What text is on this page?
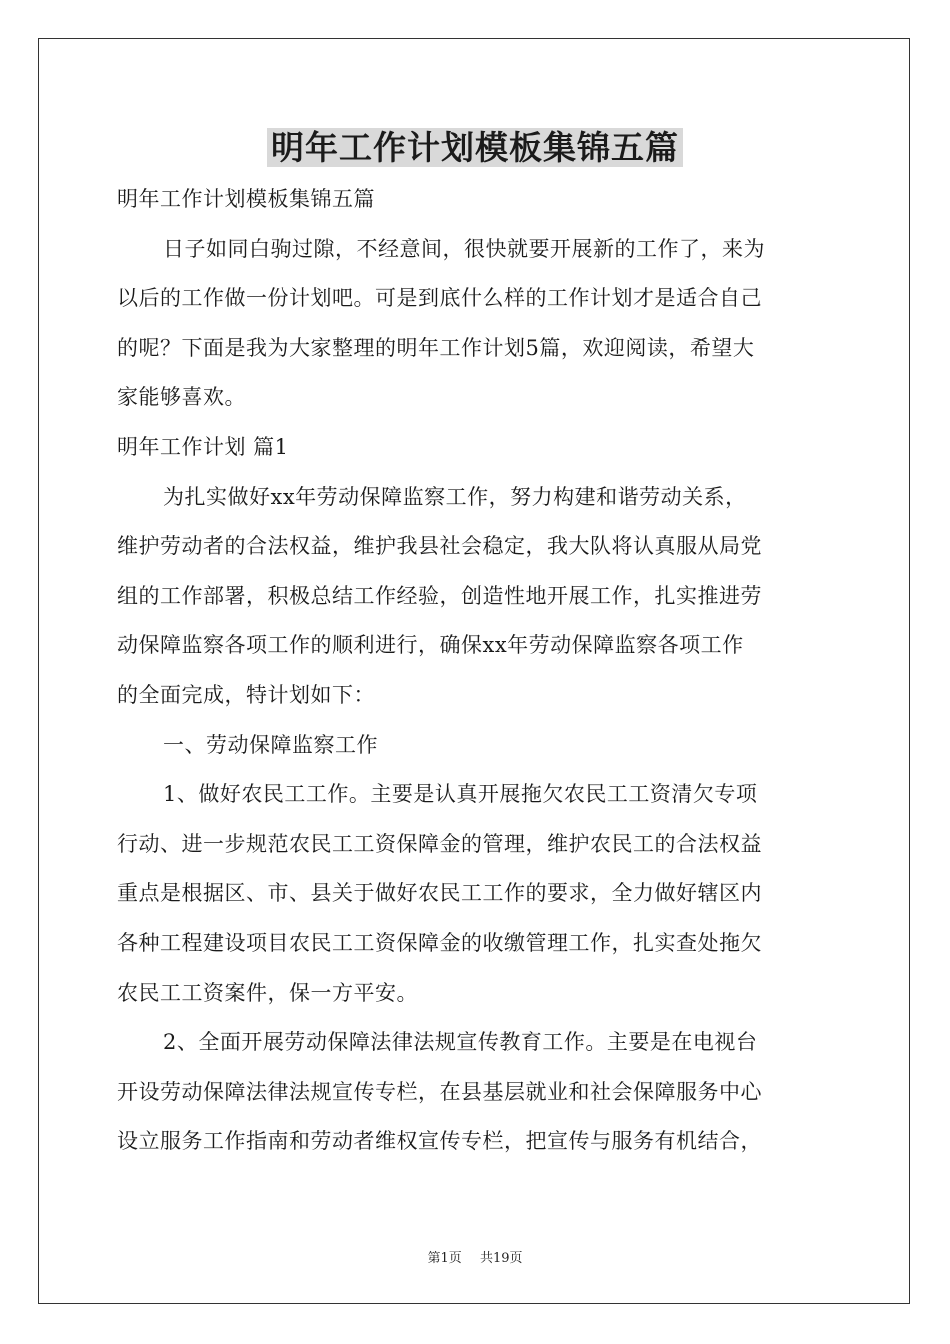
明年工作计划模板集锦五篇
明年工作计划模板集锦五篇
日子如同白驹过隙，不经意间，很快就要开展新的工作了，来为
以后的工作做一份计划吧。可是到底什么样的工作计划才是适合自己
的呢？下面是我为大家整理的明年工作计划5篇，欢迎阅读，希望大
家能够喜欢。
明年工作计划 篇1
为扎实做好xx年劳动保障监察工作，努力构建和谐劳动关系，
维护劳动者的合法权益，维护我县社会稳定，我大队将认真服从局党
组的工作部署，积极总结工作经验，创造性地开展工作，扎实推进劳
动保障监察各项工作的顺利进行，确保xx年劳动保障监察各项工作
的全面完成，特计划如下：
一、劳动保障监察工作
1、做好农民工工作。主要是认真开展拖欠农民工工资清欠专项
行动、进一步规范农民工工资保障金的管理，维护农民工的合法权益
重点是根据区、市、县关于做好农民工工作的要求，全力做好辖区内
各种工程建设项目农民工工资保障金的收缴管理工作，扎实查处拖欠
农民工工资案件，保一方平安。
2、全面开展劳动保障法律法规宣传教育工作。主要是在电视台
开设劳动保障法律法规宣传专栏，在县基层就业和社会保障服务中心
设立服务工作指南和劳动者维权宣传专栏，把宣传与服务有机结合，
第1页 共19页
